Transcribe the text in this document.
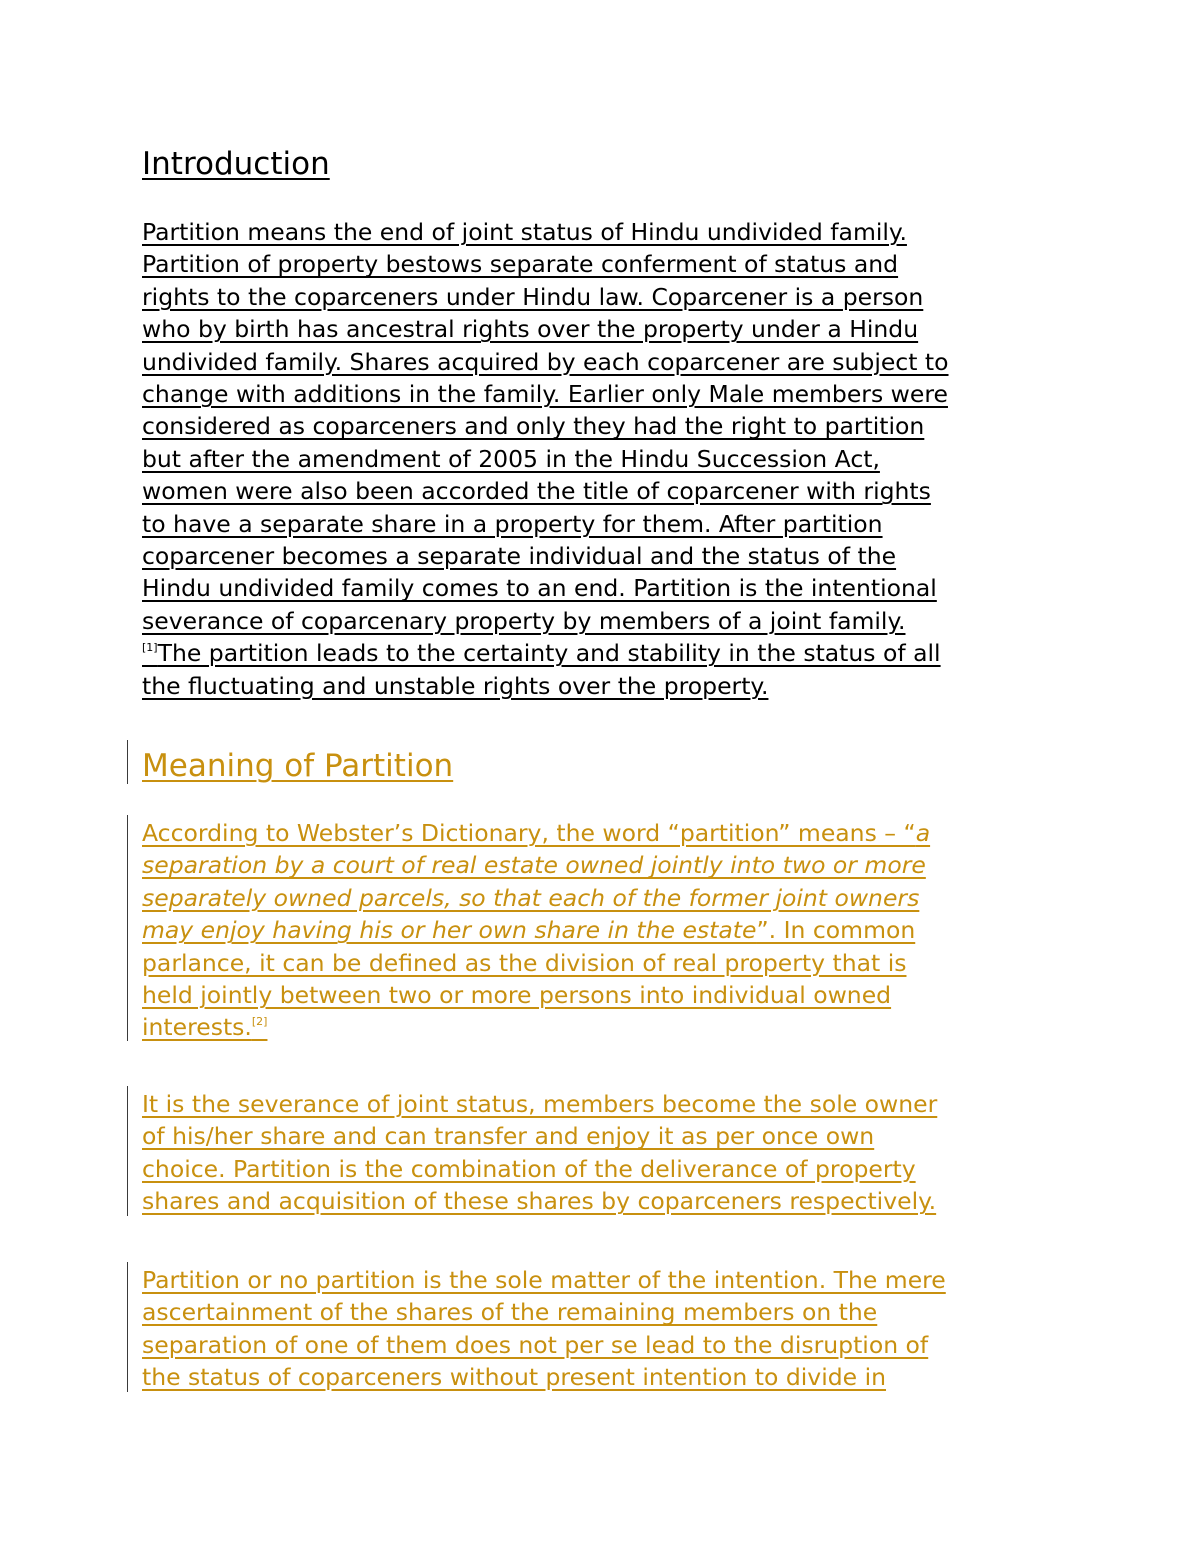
Introduction
Partition means the end of joint status of Hindu undivided family.
Partition of property bestows separate conferment of status and
rights to the coparceners under Hindu law. Coparcener is a person
who by birth has ancestral rights over the property under a Hindu
undivided family. Shares acquired by each coparcener are subject to
change with additions in the family. Earlier only Male members were
considered as coparceners and only they had the right to partition
but after the amendment of 2005 in the Hindu Succession Act,
women were also been accorded the title of coparcener with rights
to have a separate share in a property for them. After partition
coparcener becomes a separate individual and the status of the
Hindu undivided family comes to an end. Partition is the intentional
severance of coparcenary property by members of a joint family.
[1]The partition leads to the certainty and stability in the status of all
the fluctuating and unstable rights over the property.
Meaning of Partition
According to Webster’s Dictionary, the word “partition” means – “a
separation by a court of real estate owned jointly into two or more
separately owned parcels, so that each of the former joint owners
may enjoy having his or her own share in the estate”. In common
parlance, it can be defined as the division of real property that is
held jointly between two or more persons into individual owned
interests.[2]
It is the severance of joint status, members become the sole owner
of his/her share and can transfer and enjoy it as per once own
choice. Partition is the combination of the deliverance of property
shares and acquisition of these shares by coparceners respectively.
Partition or no partition is the sole matter of the intention. The mere
ascertainment of the shares of the remaining members on the
separation of one of them does not per se lead to the disruption of
the status of coparceners without present intention to divide in
